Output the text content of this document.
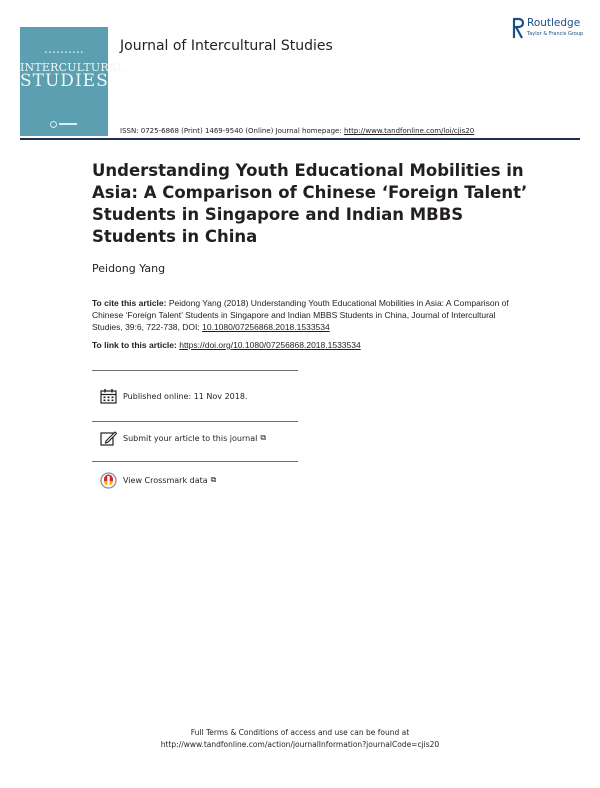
▪ ▪ ▪ ▪ ▪ ▪ ▪ ▪ ▪ ▪
INTERCULTURAL
STUDIES
Journal of Intercultural Studies
Routledge
Taylor & Francis Group
ISSN: 0725-6868 (Print) 1469-9540 (Online) Journal homepage: http://www.tandfonline.com/loi/cjis20
Understanding Youth Educational Mobilities in Asia: A Comparison of Chinese ‘Foreign Talent’ Students in Singapore and Indian MBBS Students in China
Peidong Yang
To cite this article: Peidong Yang (2018) Understanding Youth Educational Mobilities in Asia: A Comparison of Chinese ‘Foreign Talent’ Students in Singapore and Indian MBBS Students in China, Journal of Intercultural Studies, 39:6, 722-738, DOI: 10.1080/07256868.2018.1533534
To link to this article: https://doi.org/10.1080/07256868.2018.1533534
Published online: 11 Nov 2018.
Submit your article to this journal ⧉
View Crossmark data ⧉
Full Terms & Conditions of access and use can be found at
http://www.tandfonline.com/action/journalInformation?journalCode=cjis20
